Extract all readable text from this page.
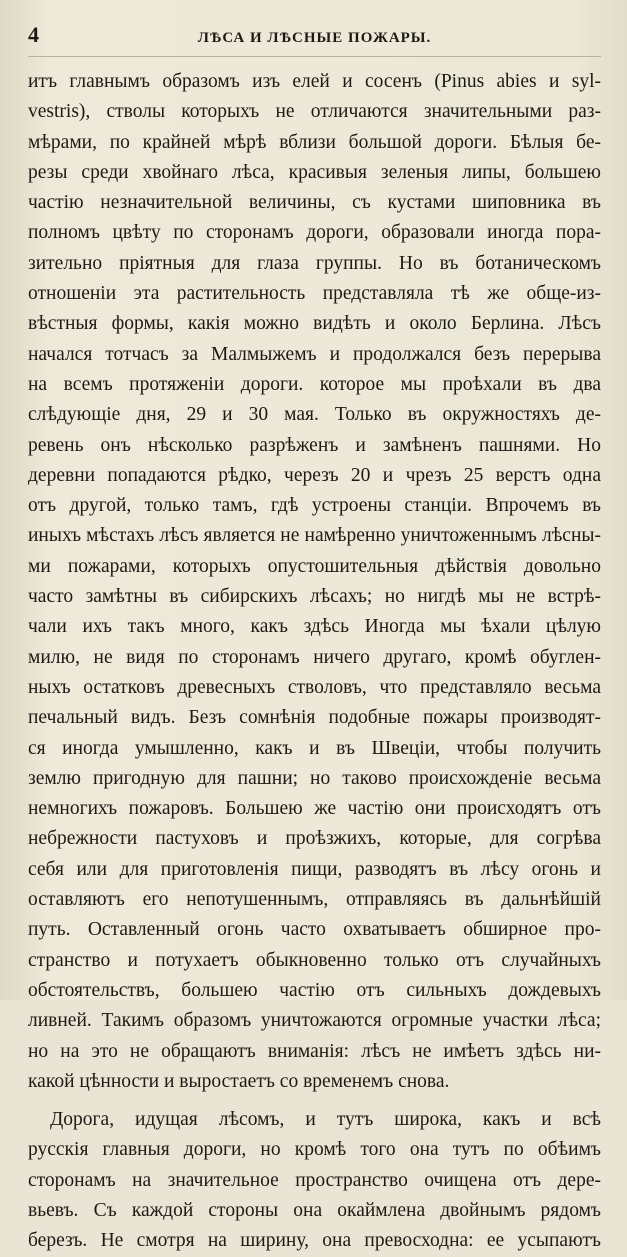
4	ЛѢСА И ЛѢСНЫЕ ПОЖАРЫ.
итъ главнымъ образомъ изъ елей и сосенъ (Pinus abies и syl-
vestris), стволы которыхъ не отличаются значительными раз-
мѣрами, по крайней мѣрѣ вблизи большой дороги. Бѣлыя бе-
резы среди хвойнаго лѣса, красивыя зеленыя липы, большею
частію незначительной величины, съ кустами шиповника въ
полномъ цвѣту по сторонамъ дороги, образовали иногда пора-
зительно пріятныя для глаза группы. Но въ ботаническомъ
отношеніи эта растительность представляла тѣ же обще-из-
вѣстныя формы, какія можно видѣть и около Берлина. Лѣсъ
начался тотчасъ за Малмыжемъ и продолжался безъ перерыва
на всемъ протяженіи дороги. которое мы проѣхали въ два
слѣдующіе дня, 29 и 30 мая. Только въ окружностяхъ де-
ревень онъ нѣсколько разрѣженъ и замѣненъ пашнями. Но
деревни попадаются рѣдко, черезъ 20 и чрезъ 25 верстъ одна
отъ другой, только тамъ, гдѣ устроены станціи. Впрочемъ въ
иныхъ мѣстахъ лѣсъ является не намѣренно уничтоженнымъ лѣсны-
ми пожарами, которыхъ опустошительныя дѣйствія довольно
часто замѣтны въ сибирскихъ лѣсахъ; но нигдѣ мы не встрѣ-
чали ихъ такъ много, какъ здѣсь Иногда мы ѣхали цѣлую
милю, не видя по сторонамъ ничего другаго, кромѣ обуглен-
ныхъ остатковъ древесныхъ стволовъ, что представляло весьма
печальный видъ. Безъ сомнѣнія подобные пожары производят-
ся иногда умышленно, какъ и въ Швеціи, чтобы получить
землю пригодную для пашни; но таково происхожденіе весьма
немногихъ пожаровъ. Большею же частію они происходятъ отъ
небрежности пастуховъ и проѣзжихъ, которые, для согрѣва
себя или для приготовленія пищи, разводятъ въ лѣсу огонь и
оставляютъ его непотушеннымъ, отправляясь въ дальнѣйшій
путь. Оставленный огонь часто охватываетъ обширное про-
странство и потухаетъ обыкновенно только отъ случайныхъ
обстоятельствъ, большею частію отъ сильныхъ дождевыхъ
ливней. Такимъ образомъ уничтожаются огромные участки лѣса;
но на это не обращаютъ вниманія: лѣсъ не имѣетъ здѣсь ни-
какой цѣнности и выростаетъ со временемъ снова.
Дорога, идущая лѣсомъ, и тутъ широка, какъ и всѣ
русскія главныя дороги, но кромѣ того она тутъ по обѣимъ
сторонамъ на значительное пространство очищена отъ дере-
вьевъ. Съ каждой стороны она окаймлена двойнымъ рядомъ
березъ. Не смотря на ширину, она превосходна: ее усыпаютъ
